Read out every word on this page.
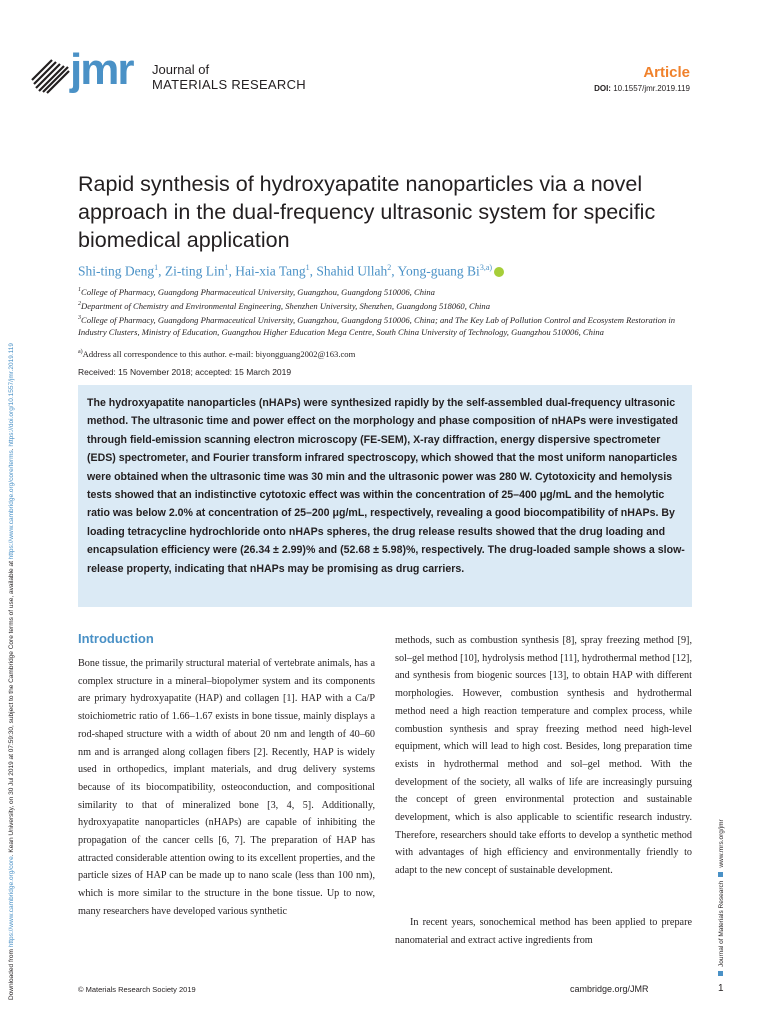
jmr Journal of
MATERIALS RESEARCH
Article
DOI: 10.1557/jmr.2019.119
Downloaded from https://www.cambridge.org/core. Kean University, on 30 Jul 2019 at 07:59:30, subject to the Cambridge Core terms of use, available at https://www.cambridge.org/core/terms. https://doi.org/10.1557/jmr.2019.119
Journal of Materials Researchwww.mrs.org/jmr
Rapid synthesis of hydroxyapatite nanoparticles via a novel approach in the dual-frequency ultrasonic system for specific biomedical application
Shi-ting Deng$^1$, Zi-ting Lin$^1$, Hai-xia Tang$^1$, Shahid Ullah$^2$, Yong-guang Bi$^{3,a)}$

$^1$College of Pharmacy, Guangdong Pharmaceutical University, Guangzhou, Guangdong 510006, China

$^2$Department of Chemistry and Environmental Engineering, Shenzhen University, Shenzhen, Guangdong 518060, China

$^3$College of Pharmacy, Guangdong Pharmaceutical University, Guangzhou, Guangdong 510006, China; and The Key Lab of Pollution Control and Ecosystem Restoration in Industry Clusters, Ministry of Education, Guangzhou Higher Education Mega Centre, South China University of Technology, Guangzhou 510006, China

$^{a)}$Address all correspondence to this author. e-mail: biyongguang2002@163.com
Received: 15 November 2018; accepted: 15 March 2019

The hydroxyapatite nanoparticles (nHAPs) were synthesized rapidly by the self-assembled dual-frequency ultrasonic method. The ultrasonic time and power effect on the morphology and phase composition of nHAPs were investigated through field-emission scanning electron microscopy (FE-SEM), X-ray diffraction, energy dispersive spectrometer (EDS) spectrometer, and Fourier transform infrared spectroscopy, which showed that the most uniform nanoparticles were obtained when the ultrasonic time was 30 min and the ultrasonic power was 280 W. Cytotoxicity and hemolysis tests showed that an indistinctive cytotoxic effect was within the concentration of 25–400 μg/mL and the hemolytic ratio was below 2.0% at concentration of 25–200 μg/mL, respectively, revealing a good biocompatibility of nHAPs. By loading tetracycline hydrochloride onto nHAPs spheres, the drug release results showed that the drug loading and encapsulation efficiency were (26.34 ± 2.99)% and (52.68 ± 5.98)%, respectively. The drug-loaded sample shows a slow-release property, indicating that nHAPs may be promising as drug carriers.

Introduction

Bone tissue, the primarily structural material of vertebrate animals, has a complex structure in a mineral–biopolymer system and its components are primary hydroxyapatite (HAP) and collagen [1]. HAP with a Ca/P stoichiometric ratio of 1.66–1.67 exists in bone tissue, mainly displays a rod-shaped structure with a width of about 20 nm and length of 40–60 nm and is arranged along collagen fibers [2]. Recently, HAP is widely used in orthopedics, implant materials, and drug delivery systems because of its biocompatibility, osteoconduction, and compositional similarity to that of mineralized bone [3, 4, 5]. Additionally, hydroxyapatite nanoparticles (nHAPs) are capable of inhibiting the propagation of the cancer cells [6, 7]. The preparation of HAP has attracted considerable attention owing to its excellent properties, and the particle sizes of HAP can be made up to nano scale (less than 100 nm), which is more similar to the structure in the bone tissue. Up to now, many researchers have developed various synthetic

methods, such as combustion synthesis [8], spray freezing method [9], sol–gel method [10], hydrolysis method [11], hydrothermal method [12], and synthesis from biogenic sources [13], to obtain HAP with different morphologies. However, combustion synthesis and hydrothermal method need a high reaction temperature and complex process, while combustion synthesis and spray freezing method need high-level equipment, which will lead to high cost. Besides, long preparation time exists in hydrothermal method and sol–gel method. With the development of the society, all walks of life are increasingly pursuing the concept of green environmental protection and sustainable development, which is also applicable to scientific research industry. Therefore, researchers should take efforts to develop a synthetic method with advantages of high efficiency and environmentally friendly to adapt to the new concept of sustainable development.

In recent years, sonochemical method has been applied to prepare nanomaterial and extract active ingredients from

© Materials Research Society 2019	cambridge.org/JMR	1
